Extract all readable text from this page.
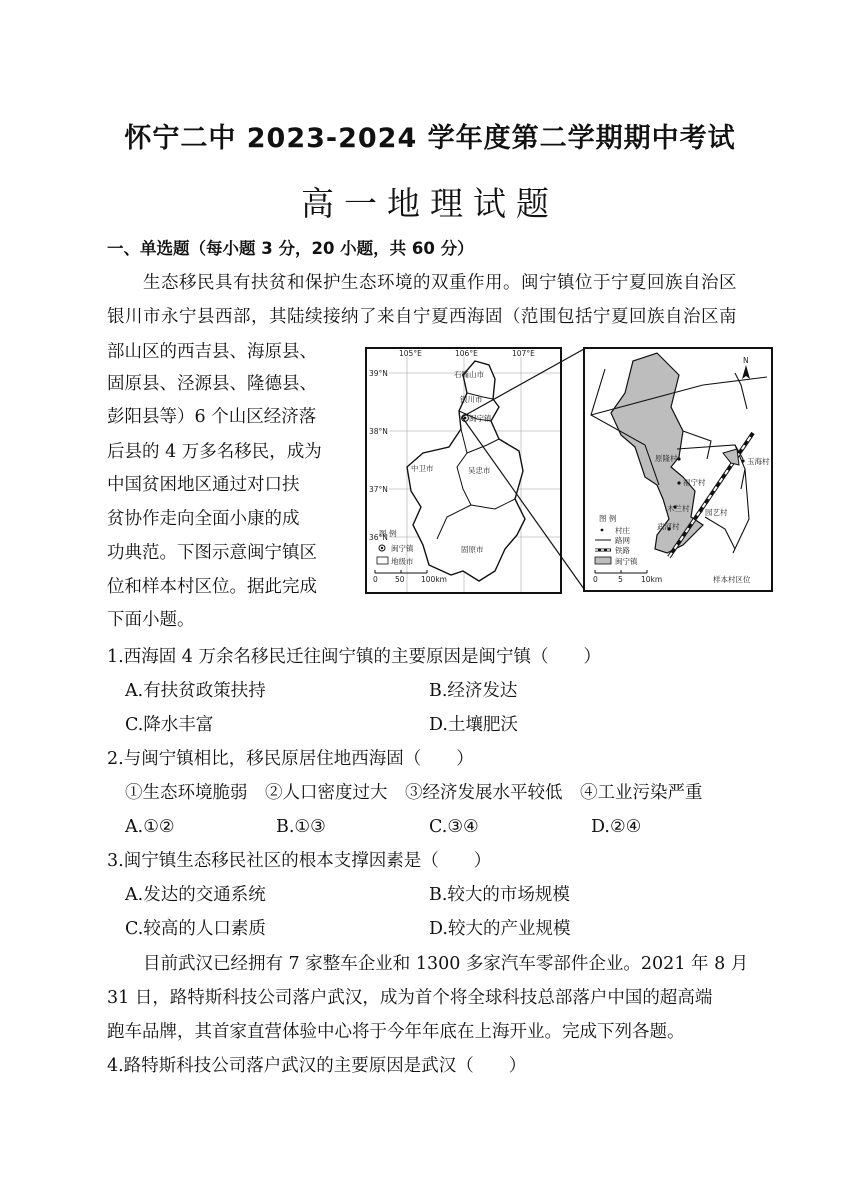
怀宁二中 2023-2024 学年度第二学期期中考试
高一地理试题
一、单选题（每小题 3 分，20 小题，共 60 分）
生态移民具有扶贫和保护生态环境的双重作用。闽宁镇位于宁夏回族自治区
银川市永宁县西部，其陆续接纳了来自宁夏西海固（范围包括宁夏回族自治区南
部山区的西吉县、海原县、
固原县、泾源县、隆德县、
彭阳县等）6 个山区经济落
后县的 4 万多名移民，成为
中国贫困地区通过对口扶
贫协作走向全面小康的成
功典范。下图示意闽宁镇区
位和样本村区位。据此完成
下面小题。
105°E	106°E	107°E
39°N
38°N
37°N
36°N
石嘴山市
银川市
闽宁镇
中卫市	吴忠市
固原市
图 例
闽宁镇
地级市
0 50 100km
N
原隆村
福宁村
木兰村
武河村
园艺村
玉海村
图 例
村庄
路网
铁路
闽宁镇
0	5 10km	样本村区位
1.西海固 4 万余名移民迁往闽宁镇的主要原因是闽宁镇（　　）
A.有扶贫政策扶持	B.经济发达
C.降水丰富	D.土壤肥沃
2.与闽宁镇相比，移民原居住地西海固（　　）
①生态环境脆弱　②人口密度过大　③经济发展水平较低　④工业污染严重
A.①②	B.①③	C.③④	D.②④
3.闽宁镇生态移民社区的根本支撑因素是（　　）
A.发达的交通系统	B.较大的市场规模
C.较高的人口素质	D.较大的产业规模
目前武汉已经拥有 7 家整车企业和 1300 多家汽车零部件企业。2021 年 8 月
31 日，路特斯科技公司落户武汉，成为首个将全球科技总部落户中国的超高端
跑车品牌，其首家直营体验中心将于今年年底在上海开业。完成下列各题。
4.路特斯科技公司落户武汉的主要原因是武汉（　　）
